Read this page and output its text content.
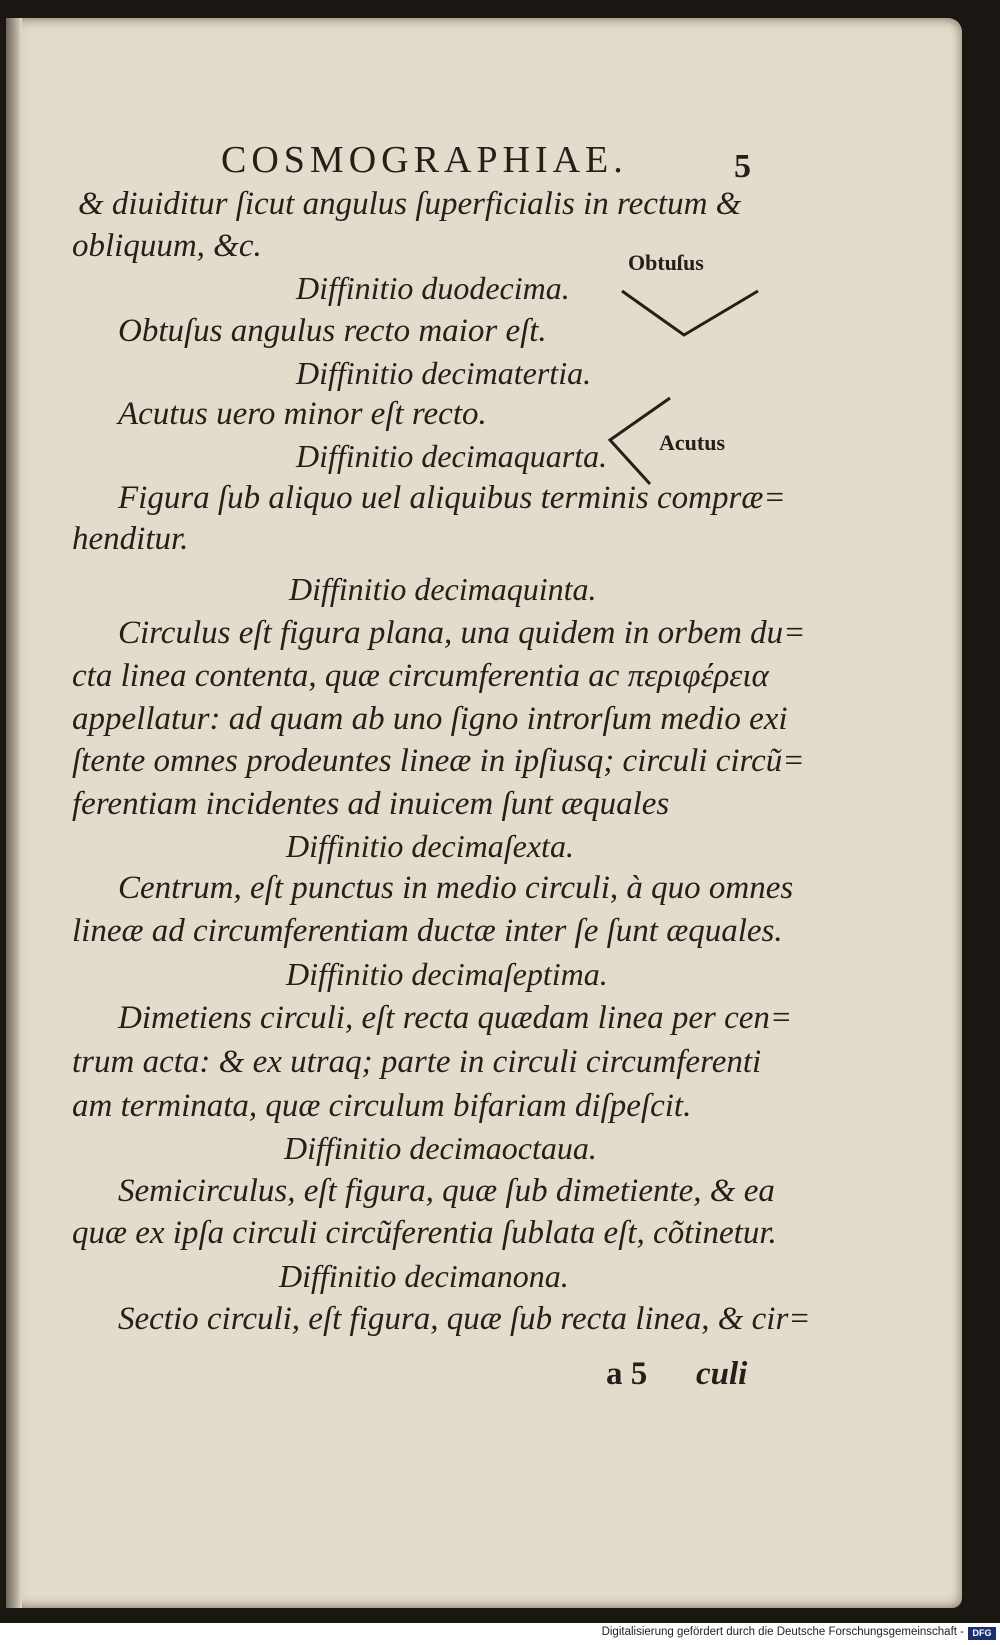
COSMOGRAPHIAE.	5
& diuiditur ſicut angulus ſuperficialis in rectum &
obliquum, &c.
Diffinitio duodecima.
Obtuſus angulus recto maior eſt.
Diffinitio decimatertia.
Acutus uero minor eſt recto.
Diffinitio decimaquarta.
Figura ſub aliquo uel aliquibus terminis compræ=
henditur.
Diffinitio decimaquinta.
Circulus eſt figura plana, una quidem in orbem du=
cta linea contenta, quæ circumferentia ac περιφέρεια
appellatur: ad quam ab uno ſigno introrſum medio exi
ſtente omnes prodeuntes lineæ in ipſiusq; circuli circũ=
ferentiam incidentes ad inuicem ſunt æquales
Diffinitio decimaſexta.
Centrum, eſt punctus in medio circuli, à quo omnes
lineæ ad circumferentiam ductæ inter ſe ſunt æquales.
Diffinitio decimaſeptima.
Dimetiens circuli, eſt recta quædam linea per cen=
trum acta: & ex utraq; parte in circuli circumferenti
am terminata, quæ circulum bifariam diſpeſcit.
Diffinitio decimaoctaua.
Semicirculus, eſt figura, quæ ſub dimetiente, & ea
quæ ex ipſa circuli circũferentia ſublata eſt, cõtinetur.
Diffinitio decimanona.
Sectio circuli, eſt figura, quæ ſub recta linea, & cir=
a 5 culi
Obtuſus
Acutus
Digitalisierung gefördert durch die Deutsche Forschungsgemeinschaft - DFG
